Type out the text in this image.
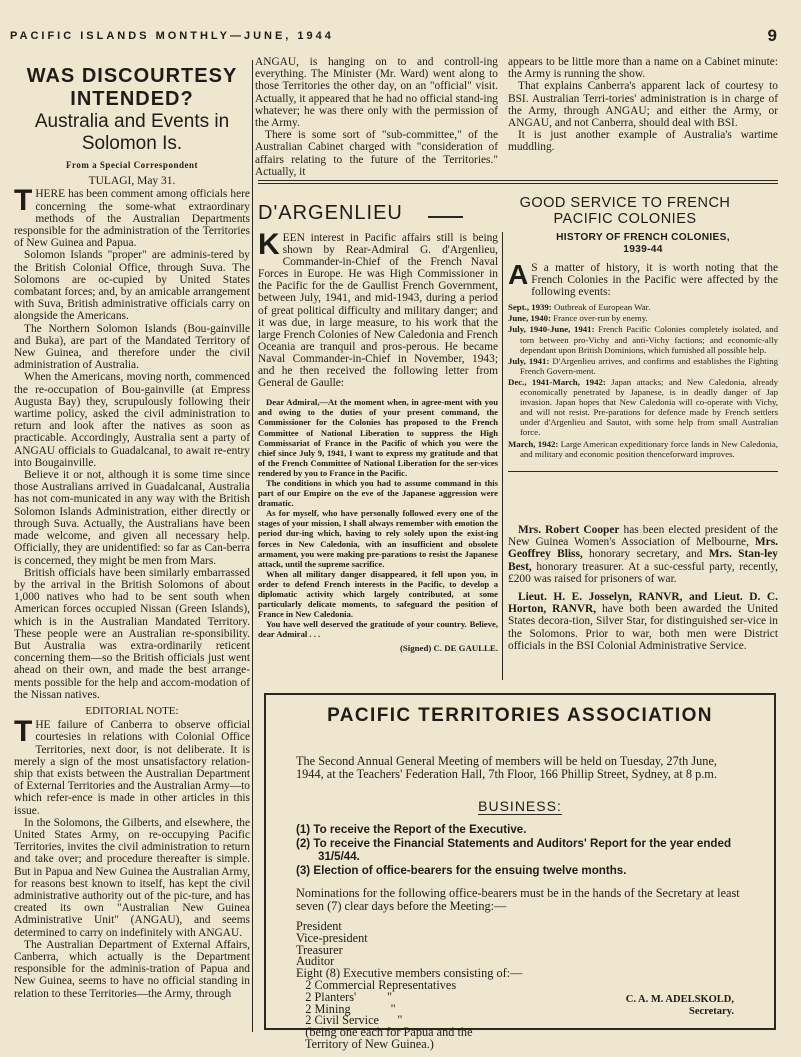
PACIFIC ISLANDS MONTHLY—JUNE, 1944	9
WAS DISCOURTESY
INTENDED?
Australia and Events in
Solomon Is.
From a Special Correspondent
TULAGI, May 31.

THERE has been comment among officials here concerning the some-what extraordinary methods of the Australian Departments responsible for the administration of the Territories of New Guinea and Papua.

Solomon Islands "proper" are adminis-tered by the British Colonial Office, through Suva. The Solomons are oc-cupied by United States combatant forces; and, by an amicable arrangement with Suva, British administrative officials carry on alongside the Americans.

The Northern Solomon Islands (Bou-gainville and Buka), are part of the Mandated Territory of New Guinea, and therefore under the civil administration of Australia.

When the Americans, moving north, commenced the re-occupation of Bou-gainville (at Empress Augusta Bay) they, scrupulously following their wartime policy, asked the civil administration to return and look after the natives as soon as practicable. Accordingly, Australia sent a party of ANGAU officials to Guadalcanal, to await re-entry into Bougainville.

Believe it or not, although it is some time since those Australians arrived in Guadalcanal, Australia has not com-municated in any way with the British Solomon Islands Administration, either directly or through Suva. Actually, the Australians have been made welcome, and given all necessary help. Officially, they are unidentified: so far as Can-berra is concerned, they might be men from Mars.

British officials have been similarly embarrassed by the arrival in the British Solomons of about 1,000 natives who had to be sent south when American forces occupied Nissan (Green Islands), which is in the Australian Mandated Territory. These people were an Australian re-sponsibility. But Australia was extra-ordinarily reticent concerning them—so the British officials just went ahead on their own, and made the best arrange-ments possible for the help and accom-modation of the Nissan natives.

EDITORIAL NOTE:

THE failure of Canberra to observe official courtesies in relations with Colonial Office Territories, next door, is not deliberate. It is merely a sign of the most unsatisfactory relation-ship that exists between the Australian Department of External Territories and the Australian Army—to which refer-ence is made in other articles in this issue.

In the Solomons, the Gilberts, and elsewhere, the United States Army, on re-occupying Pacific Territories, invites the civil administration to return and take over; and procedure thereafter is simple. But in Papua and New Guinea the Australian Army, for reasons best known to itself, has kept the civil administrative authority out of the pic-ture, and has created its own "Australian New Guinea Administrative Unit" (ANGAU), and seems determined to carry on indefinitely with ANGAU.

The Australian Department of External Affairs, Canberra, which actually is the Department responsible for the adminis-tration of Papua and New Guinea, seems to have no official standing in relation to these Territories—the Army, through

ANGAU, is hanging on to and controll-ing everything. The Minister (Mr. Ward) went along to those Territories the other day, on an "official" visit. Actually, it appeared that he had no official stand-ing whatever; he was there only with the permission of the Army.

There is some sort of "sub-committee," of the Australian Cabinet charged with "consideration of affairs relating to the future of the Territories." Actually, it

appears to be little more than a name on a Cabinet minute: the Army is running the show.

That explains Canberra's apparent lack of courtesy to BSI. Australian Terri-tories' administration is in charge of the Army, through ANGAU; and either the Army, or ANGAU, and not Canberra, should deal with BSI.

It is just another example of Australia's wartime muddling.

D'ARGENLIEU	GOOD SERVICE TO FRENCH
PACIFIC COLONIES

KEEN interest in Pacific affairs still is being shown by Rear-Admiral G. d'Argenlieu, Commander-in-Chief of the French Naval Forces in Europe. He was High Commissioner in the Pacific for the de Gaullist French Government, between July, 1941, and mid-1943, during a period of great political difficulty and military danger; and it was due, in large measure, to his work that the large French Colonies of New Caledonia and French Oceania are tranquil and pros-perous. He became Naval Commander-in-Chief in November, 1943; and he then received the following letter from General de Gaulle:

Dear Admiral,—At the moment when, in agree-ment with you and owing to the duties of your present command, the Commissioner for the Colonies has proposed to the French Committee of National Liberation to suppress the High Commissariat of France in the Pacific of which you were the chief since July 9, 1941, I want to express my gratitude and that of the French Committee of National Liberation for the ser-vices rendered by you to France in the Pacific.

The conditions in which you had to assume command in this part of our Empire on the eve of the Japanese aggression were dramatic.

As for myself, who have personally followed every one of the stages of your mission, I shall always remember with emotion the period dur-ing which, having to rely solely upon the exist-ing forces in New Caledonia, with an insufficient and obsolete armament, you were making pre-parations to resist the Japanese attack, until the supreme sacrifice.

When all military danger disappeared, it fell upon you, in order to defend French interests in the Pacific, to develop a diplomatic activity which largely contributed, at some particularly delicate moments, to safeguard the position of France in New Caledonia.

You have well deserved the gratitude of your country. Believe, dear Admiral . . .

(Signed) C. DE GAULLE.
HISTORY OF FRENCH COLONIES,
1939-44
A S a matter of history, it is worth noting that the French Colonies in the Pacific were affected by the following events:
Sept., 1939: Outbreak of European War.
June, 1940: France over-run by enemy.
July, 1940-June, 1941: French Pacific Colonies completely isolated, and torn between pro-Vichy and anti-Vichy factions; and economic-ally dependant upon British Dominions, which furnished all possible help.
July, 1941: D'Argenlieu arrives, and confirms and establishes the Fighting French Govern-ment.
Dec., 1941-March, 1942: Japan attacks; and New Caledonia, already economically penetrated by Japanese, is in deadly danger of Jap invasion. Japan hopes that New Caledonia will co-operate with Vichy, and will not resist. Pre-parations for defence made by French settlers under d'Argenlieu and Sautot, with some help from small Australian force.
March, 1942: Large American expeditionary force lands in New Caledonia, and military and economic position thenceforward improves.

Mrs. Robert Cooper has been elected president of the New Guinea Women's Association of Melbourne, Mrs. Geoffrey Bliss, honorary secretary, and Mrs. Stan-ley Best, honorary treasurer. At a suc-cessful party, recently, £200 was raised for prisoners of war.

Lieut. H. E. Josselyn, RANVR, and Lieut. D. C. Horton, RANVR, have both been awarded the United States decora-tion, Silver Star, for distinguished ser-vice in the Solomons. Prior to war, both men were District officials in the BSI Colonial Administrative Service.

PACIFIC TERRITORIES ASSOCIATION
The Second Annual General Meeting of members will be held on Tuesday, 27th June, 1944, at the Teachers' Federation Hall, 7th Floor, 166 Phillip Street, Sydney, at 8 p.m.
BUSINESS:
(1) To receive the Report of the Executive.
(2) To receive the Financial Statements and Auditors' Report for the year ended 31/5/44.
(3) Election of office-bearers for the ensuing twelve months.
Nominations for the following office-bearers must be in the hands of the Secretary at least seven (7) clear days before the Meeting:—
President
Vice-president
Treasurer
Auditor
Eight (8) Executive members consisting of:—
2 Commercial Representatives
2 Planters'          "
2 Mining             "
2 Civil Service      "
(being one each for Papua and the
Territory of New Guinea.)
C. A. M. ADELSKOLD,
Secretary.
